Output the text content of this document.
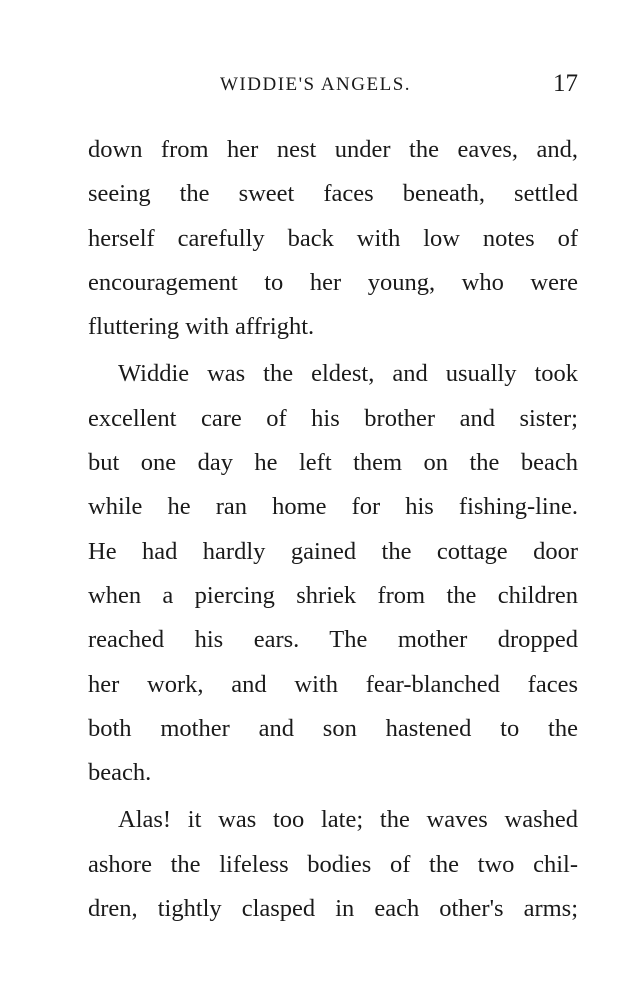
WIDDIE'S ANGELS.	17
down from her nest under the eaves, and,
seeing the sweet faces beneath, settled
herself carefully back with low notes of
encouragement to her young, who were
fluttering with affright.
Widdie was the eldest, and usually took
excellent care of his brother and sister;
but one day he left them on the beach
while he ran home for his fishing-line.
He had hardly gained the cottage door
when a piercing shriek from the children
reached his ears. The mother dropped
her work, and with fear-blanched faces
both mother and son hastened to the
beach.
Alas! it was too late; the waves washed
ashore the lifeless bodies of the two chil-
dren, tightly clasped in each other's arms;
